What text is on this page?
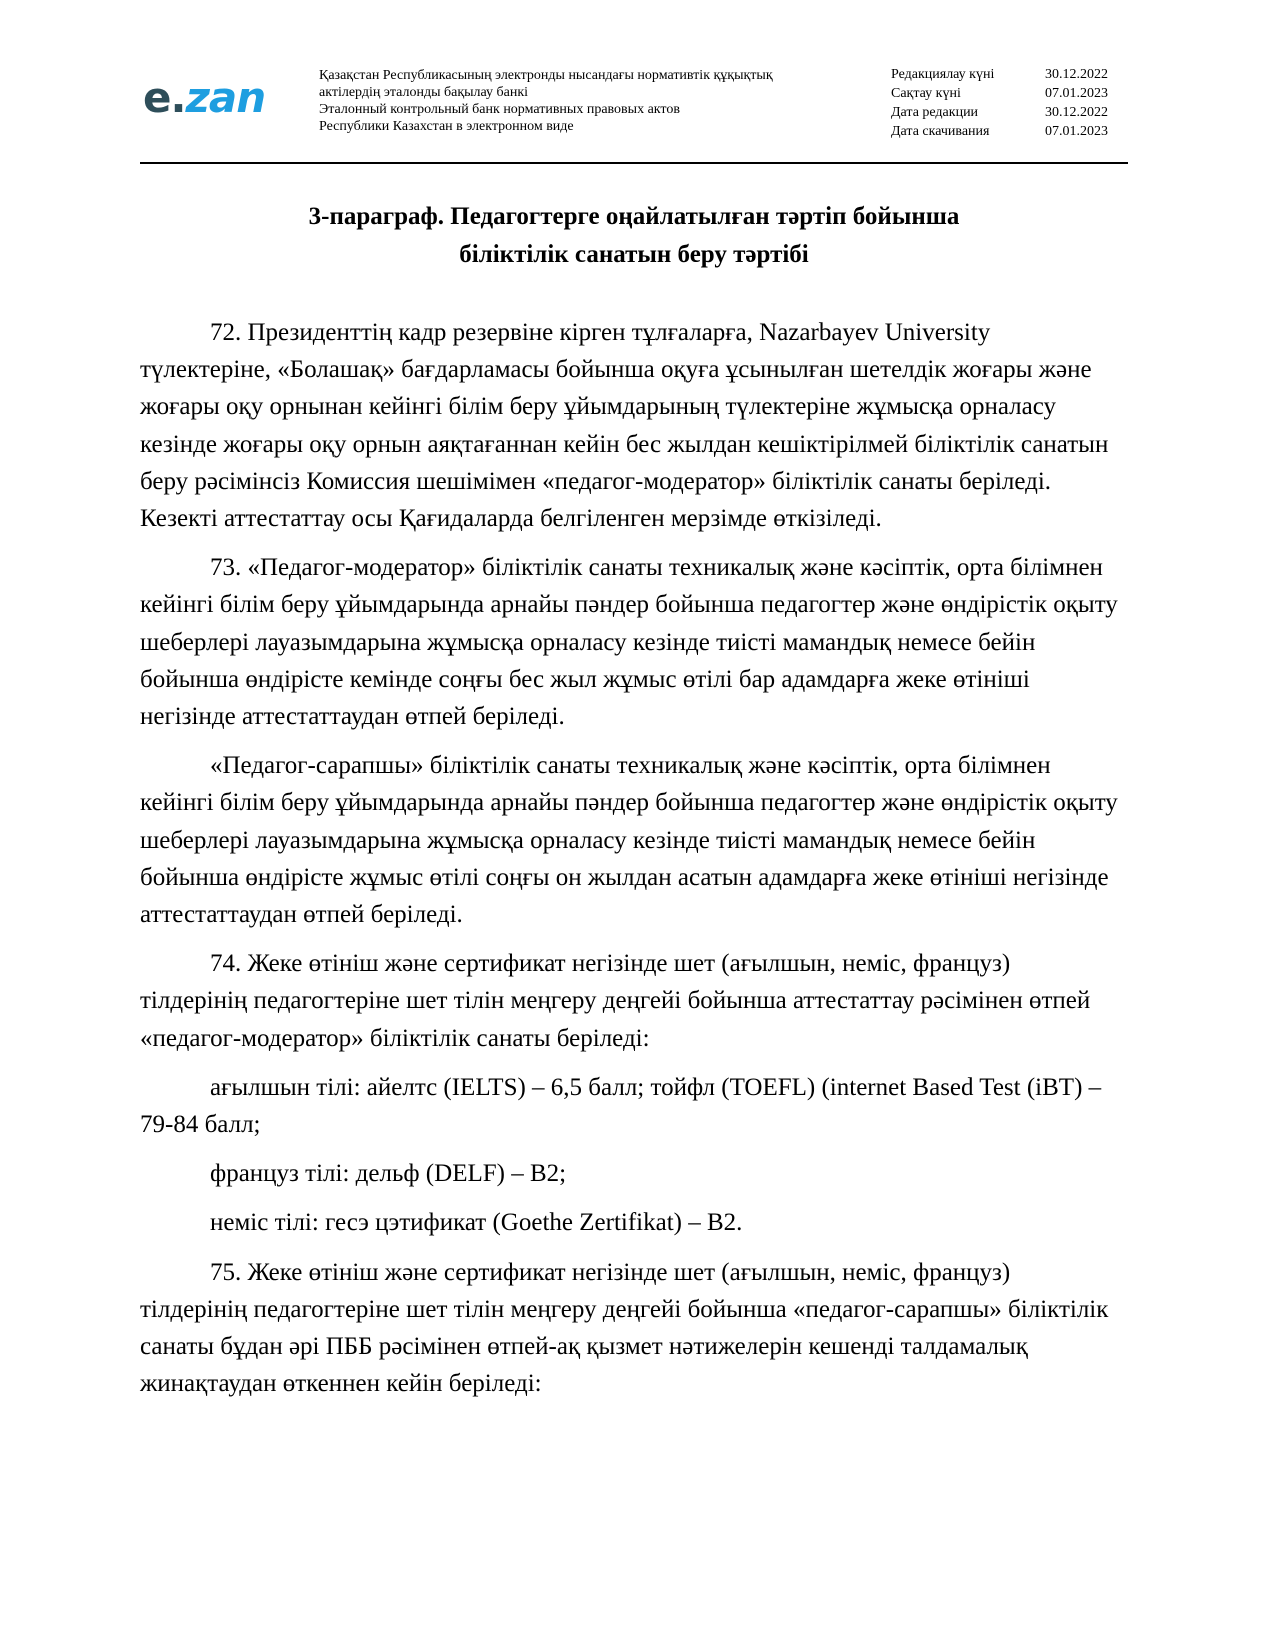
e.zan	Қазақстан Республикасының электронды нысандағы нормативтік құқықтық
актілердің эталонды бақылау банкі
Эталонный контрольный банк нормативных правовых актов
Республики Казахстан в электронном виде
Редакциялау күні	30.12.2022
Сақтау күні	07.01.2023
Дата редакции	30.12.2022
Дата скачивания	07.01.2023
3-параграф. Педагогтерге оңайлатылған тәртіп бойынша
біліктілік санатын беру тәртібі

72. Президенттің кадр резервіне кірген тұлғаларға, Nazarbayev University түлектеріне, «Болашақ» бағдарламасы бойынша оқуға ұсынылған шетелдік жоғары және жоғары оқу орнынан кейінгі білім беру ұйымдарының түлектеріне жұмысқа орналасу кезінде жоғары оқу орнын аяқтағаннан кейін бес жылдан кешіктірілмей біліктілік санатын беру рәсімінсіз Комиссия шешімімен «педагог-модератор» біліктілік санаты беріледі. Кезекті аттестаттау осы Қағидаларда белгіленген мерзімде өткізіледі.

73. «Педагог-модератор» біліктілік санаты техникалық және кәсіптік, орта білімнен кейінгі білім беру ұйымдарында арнайы пәндер бойынша педагогтер және өндірістік оқыту шеберлері лауазымдарына жұмысқа орналасу кезінде тиісті мамандық немесе бейін бойынша өндірісте кемінде соңғы бес жыл жұмыс өтілі бар адамдарға жеке өтініші негізінде аттестаттаудан өтпей беріледі.

«Педагог-сарапшы» біліктілік санаты техникалық және кәсіптік, орта білімнен кейінгі білім беру ұйымдарында арнайы пәндер бойынша педагогтер және өндірістік оқыту шеберлері лауазымдарына жұмысқа орналасу кезінде тиісті мамандық немесе бейін бойынша өндірісте жұмыс өтілі соңғы он жылдан асатын адамдарға жеке өтініші негізінде аттестаттаудан өтпей беріледі.

74. Жеке өтініш және сертификат негізінде шет (ағылшын, неміс, француз) тілдерінің педагогтеріне шет тілін меңгеру деңгейі бойынша аттестаттау рәсімінен өтпей «педагог-модератор» біліктілік санаты беріледі:

ағылшын тілі: айелтс (IELTS) – 6,5 балл; тойфл (TOEFL) (internet Based Test (iBT) – 79-84 балл;

француз тілі: дельф (DELF) – B2;

неміс тілі: гесэ цэтификат (Goethe Zertifikat) – B2.

75. Жеке өтініш және сертификат негізінде шет (ағылшын, неміс, француз) тілдерінің педагогтеріне шет тілін меңгеру деңгейі бойынша «педагог-сарапшы» біліктілік санаты бұдан әрі ПББ рәсімінен өтпей-ақ қызмет нәтижелерін кешенді талдамалық жинақтаудан өткеннен кейін беріледі:
